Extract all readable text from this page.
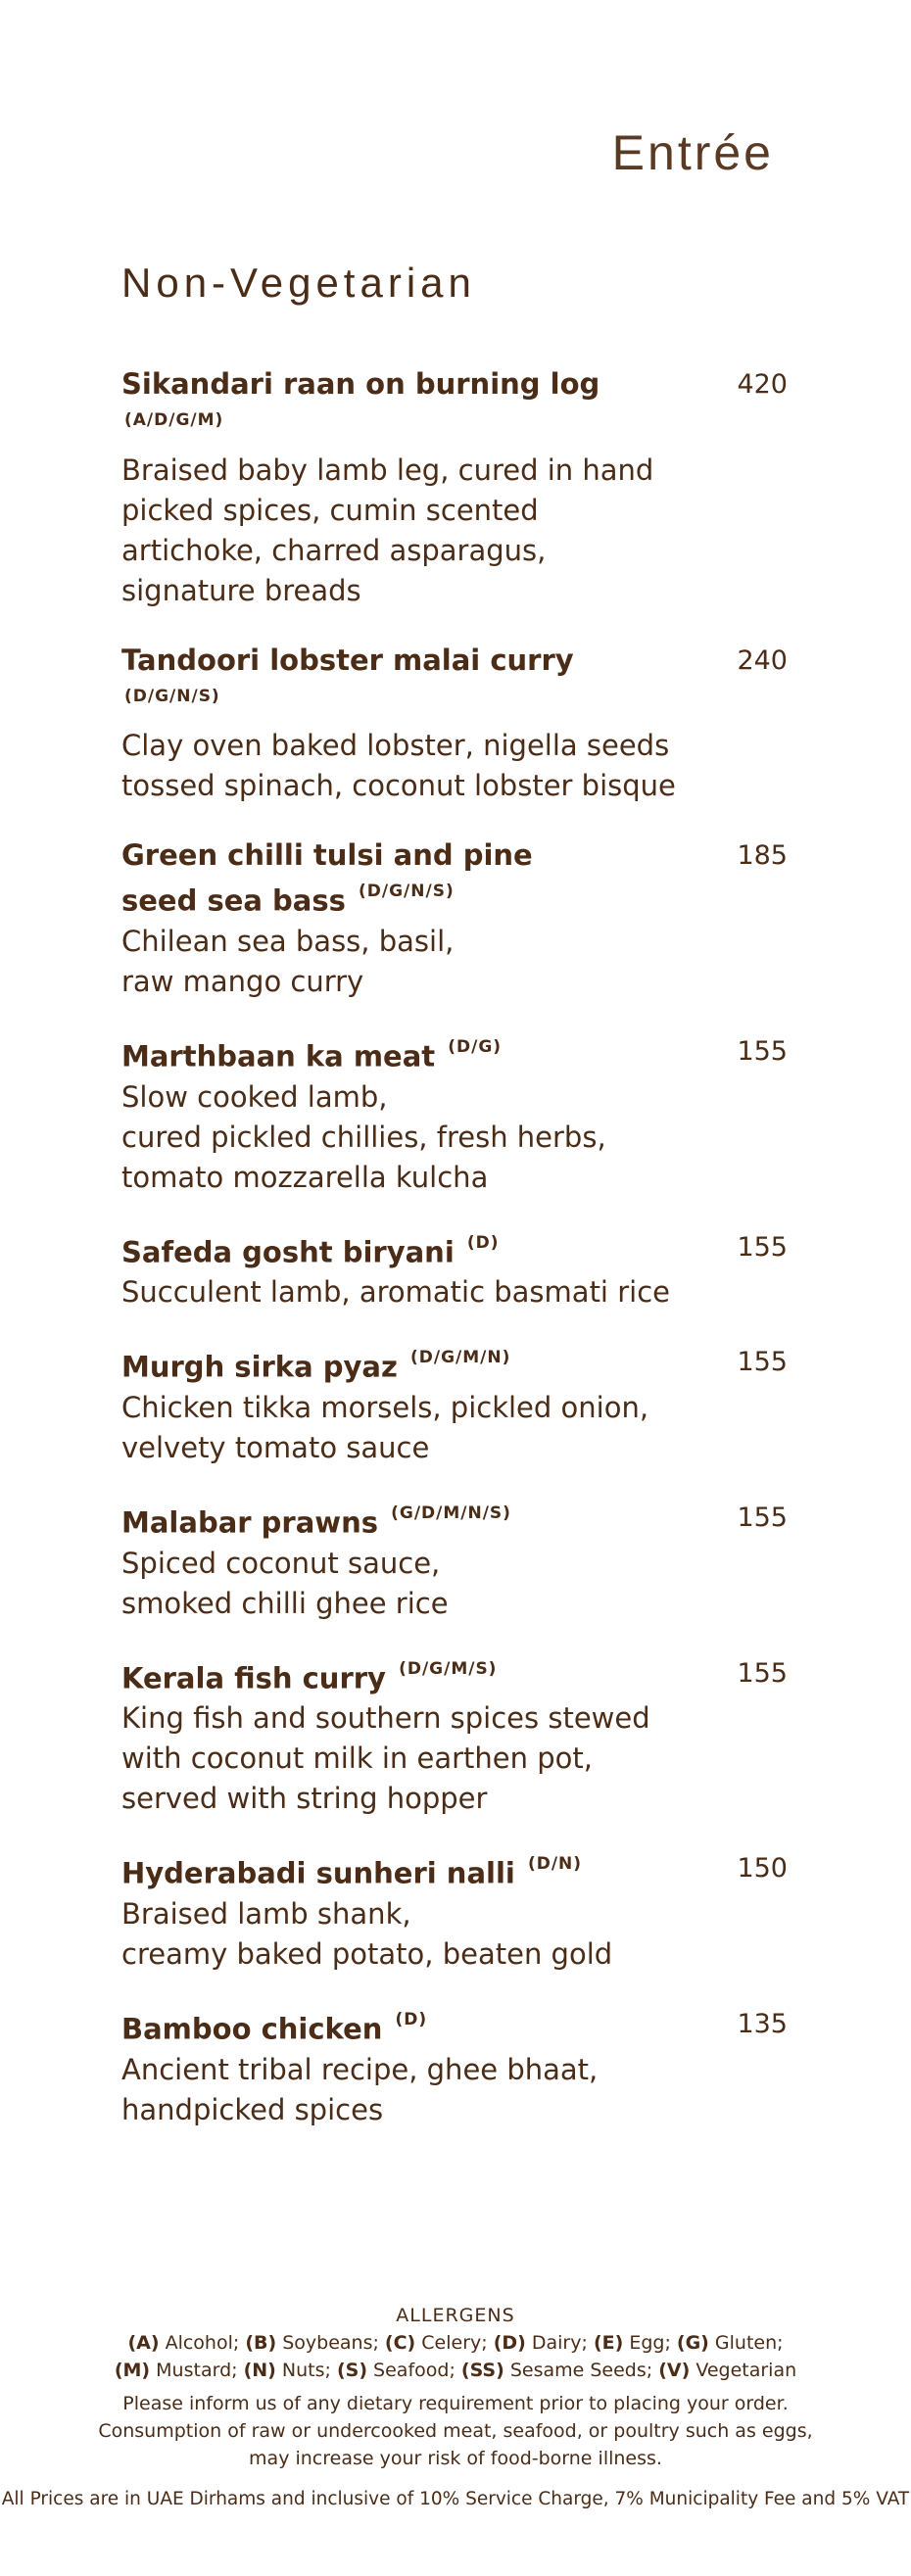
Entrée
Non-Vegetarian
Sikandari raan on burning log $^{(A/D/G/M)}$
420

Braised baby lamb leg, cured in hand
picked spices, cumin scented
artichoke, charred asparagus,
signature breads

Tandoori lobster malai curry $^{(D/G/N/S)}$
240

Clay oven baked lobster, nigella seeds
tossed spinach, coconut lobster bisque

Green chilli tulsi and pine seed sea bass $^{(D/G/N/S)}$
185

Chilean sea bass, basil,
raw mango curry

Marthbaan ka meat $^{(D/G)}$	155

Slow cooked lamb,
cured pickled chillies, fresh herbs,
tomato mozzarella kulcha

Safeda gosht biryani $^{(D)}$	155

Succulent lamb, aromatic basmati rice

Murgh sirka pyaz $^{(D/G/M/N)}$	155

Chicken tikka morsels, pickled onion,
velvety tomato sauce

Malabar prawns $^{(G/D/M/N/S)}$	155

Spiced coconut sauce,
smoked chilli ghee rice

Kerala fish curry $^{(D/G/M/S)}$	155

King fish and southern spices stewed
with coconut milk in earthen pot,
served with string hopper

Hyderabadi sunheri nalli $^{(D/N)}$	150

Braised lamb shank,
creamy baked potato, beaten gold

Bamboo chicken $^{(D)}$	135

Ancient tribal recipe, ghee bhaat,
handpicked spices

ALLERGENS
(A) Alcohol; (B) Soybeans; (C) Celery; (D) Dairy; (E) Egg; (G) Gluten;
(M) Mustard; (N) Nuts; (S) Seafood; (SS) Sesame Seeds; (V) Vegetarian
Please inform us of any dietary requirement prior to placing your order.
Consumption of raw or undercooked meat, seafood, or poultry such as eggs,
may increase your risk of food-borne illness.
All Prices are in UAE Dirhams and inclusive of 10% Service Charge, 7% Municipality Fee and 5% VAT
